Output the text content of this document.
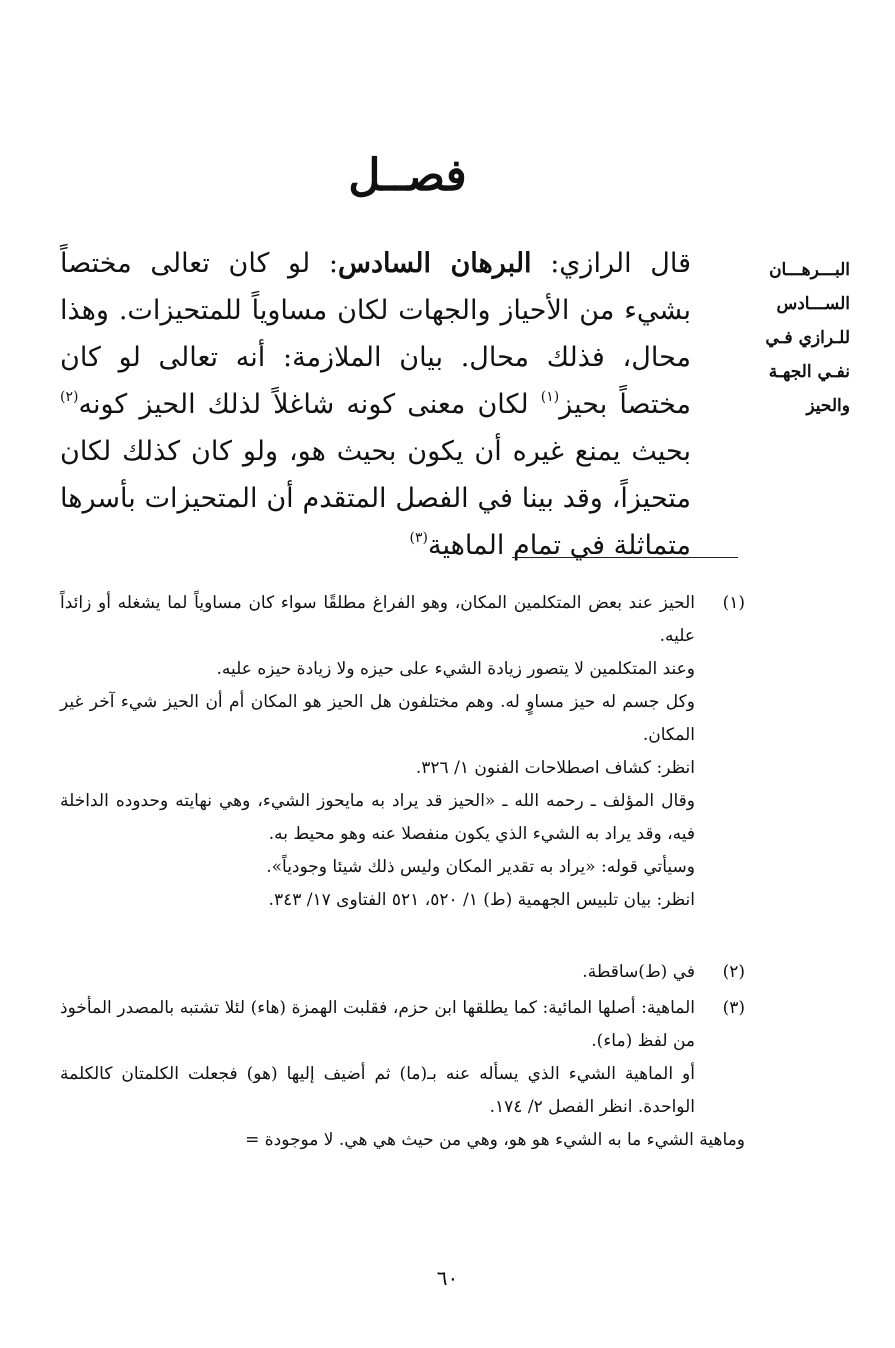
فصــل
البـــرهـــان الســـادس للـرازي فـي نفـي الجهـة والحيز
قال الرازي: البرهان السادس: لو كان تعالى مختصاً بشيء من الأحياز والجهات لكان مساوياً للمتحيزات. وهذا محال، فذلك محال. بيان الملازمة: أنه تعالى لو كان مختصاً بحيز$^{(١)}$ لكان معنى كونه شاغلاً لذلك الحيز كونه$^{(٢)}$ بحيث يمنع غيره أن يكون بحيث هو، ولو كان كذلك لكان متحيزاً، وقد بينا في الفصل المتقدم أن المتحيزات بأسرها متماثلة في تمام الماهية$^{(٣)}$
(١)
الحيز عند بعض المتكلمين المكان، وهو الفراغ مطلقًا سواء كان مساوياً لما يشغله أو زائداً عليه.
وعند المتكلمين لا يتصور زيادة الشيء على حيزه ولا زيادة حيزه عليه.
وكل جسم له حيز مساوٍ له. وهم مختلفون هل الحيز هو المكان أم أن الحيز شيء آخر غير المكان.
انظر: كشاف اصطلاحات الفنون ١/ ٣٢٦.
وقال المؤلف ـ رحمه الله ـ «الحيز قد يراد به مايحوز الشيء، وهي نهايته وحدوده الداخلة فيه، وقد يراد به الشيء الذي يكون منفصلا عنه وهو محيط به.
وسيأتي قوله: «يراد به تقدير المكان وليس ذلك شيئا وجودياً».
انظر: بيان تلبيس الجهمية (ط) ١/ ٥٢٠، ٥٢١ الفتاوى ١٧/ ٣٤٣.
(٢)
في (ط)ساقطة.
(٣)
الماهية: أصلها المائية: كما يطلقها ابن حزم، فقلبت الهمزة (هاء) لئلا تشتبه بالمصدر المأخوذ من لفظ (ماء).
أو الماهية الشيء الذي يسأله عنه بـ(ما) ثم أضيف إليها (هو) فجعلت الكلمتان كالكلمة الواحدة. انظر الفصل ٢/ ١٧٤.
وماهية الشيء ما به الشيء هو هو، وهي من حيث هي هي. لا موجودة =
٦٠
